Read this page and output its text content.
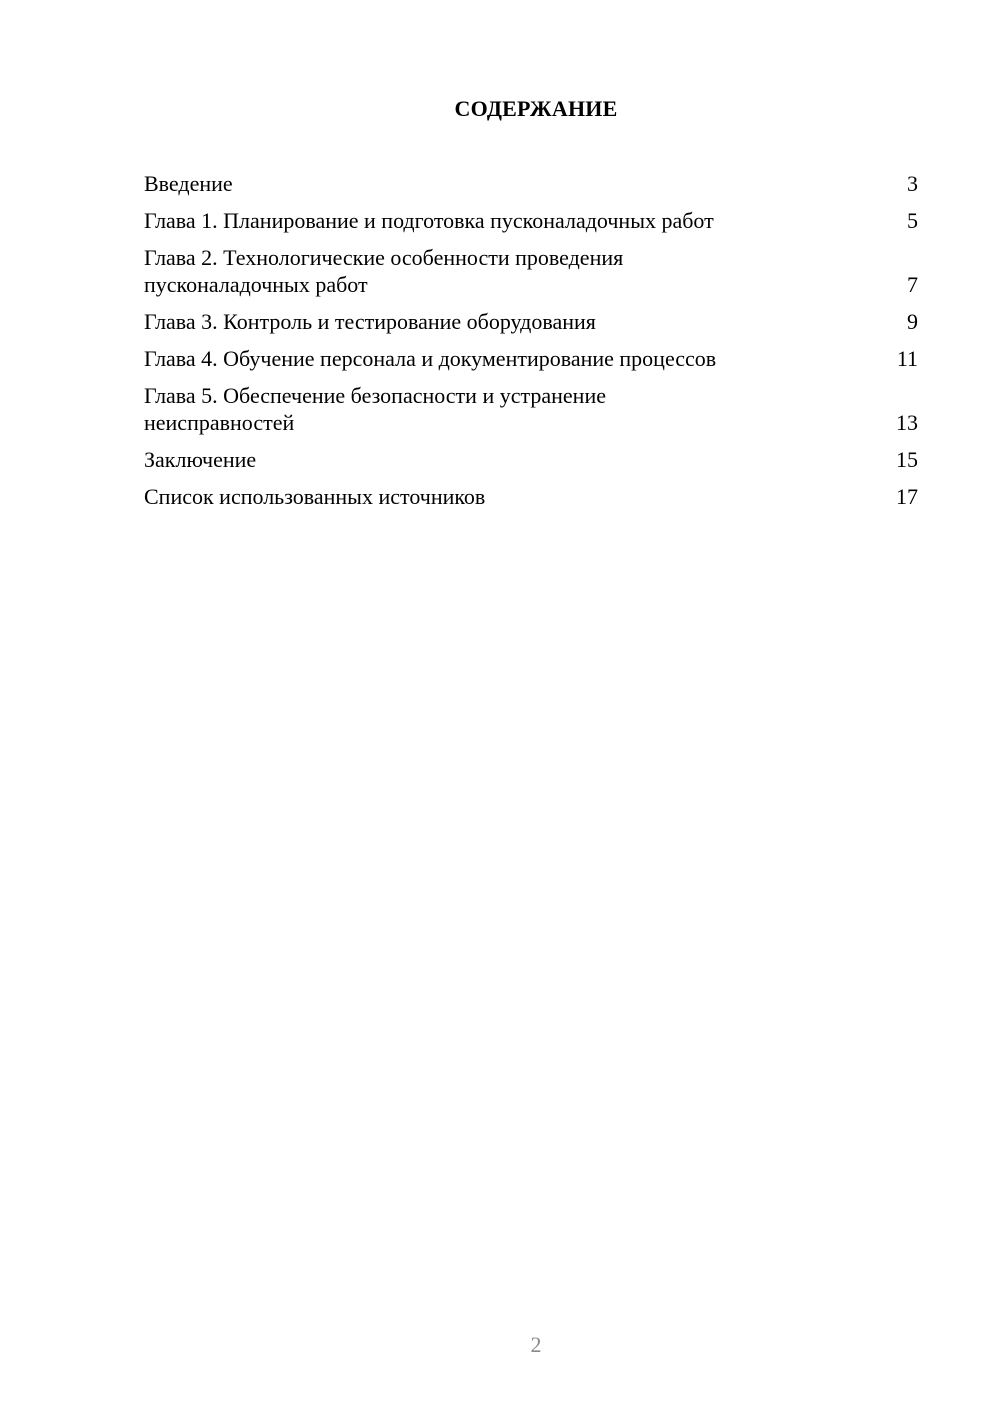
СОДЕРЖАНИЕ
Введение	3
Глава 1. Планирование и подготовка пусконаладочных работ	5
Глава 2. Технологические особенности проведения пусконаладочных работ	7
Глава 3. Контроль и тестирование оборудования	9
Глава 4. Обучение персонала и документирование процессов	11
Глава 5. Обеспечение безопасности и устранение неисправностей	13
Заключение	15
Список использованных источников	17
2
